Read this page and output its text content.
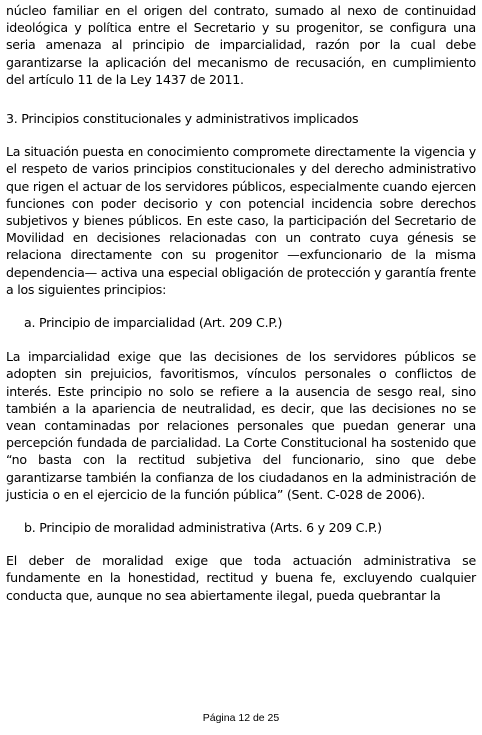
núcleo familiar en el origen del contrato, sumado al nexo de continuidad ideológica y política entre el Secretario y su progenitor, se configura una seria amenaza al principio de imparcialidad, razón por la cual debe garantizarse la aplicación del mecanismo de recusación, en cumplimiento del artículo 11 de la Ley 1437 de 2011.

3. Principios constitucionales y administrativos implicados

La situación puesta en conocimiento compromete directamente la vigencia y el respeto de varios principios constitucionales y del derecho administrativo que rigen el actuar de los servidores públicos, especialmente cuando ejercen funciones con poder decisorio y con potencial incidencia sobre derechos subjetivos y bienes públicos. En este caso, la participación del Secretario de Movilidad en decisiones relacionadas con un contrato cuya génesis se relaciona directamente con su progenitor —exfuncionario de la misma dependencia— activa una especial obligación de protección y garantía frente a los siguientes principios:

a. Principio de imparcialidad (Art. 209 C.P.)

La imparcialidad exige que las decisiones de los servidores públicos se adopten sin prejuicios, favoritismos, vínculos personales o conflictos de interés. Este principio no solo se refiere a la ausencia de sesgo real, sino también a la apariencia de neutralidad, es decir, que las decisiones no se vean contaminadas por relaciones personales que puedan generar una percepción fundada de parcialidad. La Corte Constitucional ha sostenido que “no basta con la rectitud subjetiva del funcionario, sino que debe garantizarse también la confianza de los ciudadanos en la administración de justicia o en el ejercicio de la función pública” (Sent. C-028 de 2006).

b. Principio de moralidad administrativa (Arts. 6 y 209 C.P.)

El deber de moralidad exige que toda actuación administrativa se fundamente en la honestidad, rectitud y buena fe, excluyendo cualquier conducta que, aunque no sea abiertamente ilegal, pueda quebrantar la

Página 12 de 25
